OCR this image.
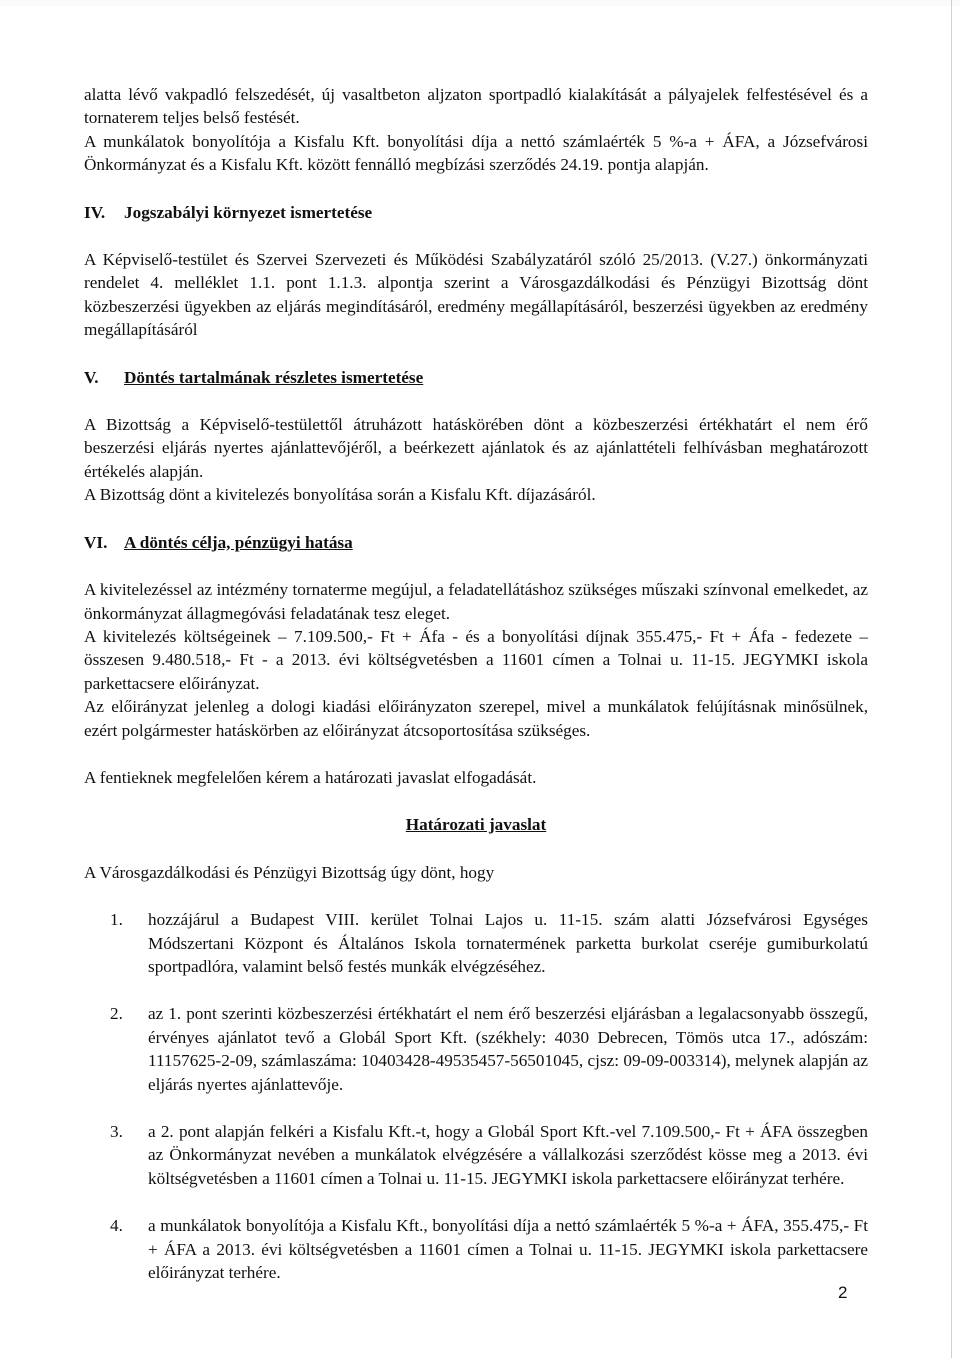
alatta lévő vakpadló felszedését, új vasaltbeton aljzaton sportpadló kialakítását a pályajelek felfestésével és a tornaterem teljes belső festését.

A munkálatok bonyolítója a Kisfalu Kft. bonyolítási díja a nettó számlaérték 5 %-a + ÁFA, a Józsefvárosi Önkormányzat és a Kisfalu Kft. között fennálló megbízási szerződés 24.19. pontja alapján.

IV.	Jogszabályi környezet ismertetése

A Képviselő-testület és Szervei Szervezeti és Működési Szabályzatáról szóló 25/2013. (V.27.) önkormányzati rendelet 4. melléklet 1.1. pont 1.1.3. alpontja szerint a Városgazdálkodási és Pénzügyi Bizottság dönt közbeszerzési ügyekben az eljárás megindításáról, eredmény megállapításáról, beszerzési ügyekben az eredmény megállapításáról

V.	Döntés tartalmának részletes ismertetése

A Bizottság a Képviselő-testülettől átruházott hatáskörében dönt a közbeszerzési értékhatárt el nem érő beszerzési eljárás nyertes ajánlattevőjéről, a beérkezett ajánlatok és az ajánlattételi felhívásban meghatározott értékelés alapján.

A Bizottság dönt a kivitelezés bonyolítása során a Kisfalu Kft. díjazásáról.

VI. A döntés célja, pénzügyi hatása

A kivitelezéssel az intézmény tornaterme megújul, a feladatellátáshoz szükséges műszaki színvonal emelkedet, az önkormányzat állagmegóvási feladatának tesz eleget.

A kivitelezés költségeinek – 7.109.500,- Ft + Áfa - és a bonyolítási díjnak 355.475,- Ft + Áfa - fedezete – összesen 9.480.518,- Ft - a 2013. évi költségvetésben a 11601 címen a Tolnai u. 11-15. JEGYMKI iskola parkettacsere előirányzat.

Az előirányzat jelenleg a dologi kiadási előirányzaton szerepel, mivel a munkálatok felújításnak minősülnek, ezért polgármester hatáskörben az előirányzat átcsoportosítása szükséges.

A fentieknek megfelelően kérem a határozati javaslat elfogadását.

Határozati javaslat

A Városgazdálkodási és Pénzügyi Bizottság úgy dönt, hogy

1.	hozzájárul a Budapest VIII. kerület Tolnai Lajos u. 11-15. szám alatti Józsefvárosi Egységes Módszertani Központ és Általános Iskola tornatermének parketta burkolat cseréje gumiburkolatú sportpadlóra, valamint belső festés munkák elvégzéséhez.
2.	az 1. pont szerinti közbeszerzési értékhatárt el nem érő beszerzési eljárásban a legalacsonyabb összegű, érvényes ajánlatot tevő a Globál Sport Kft. (székhely: 4030 Debrecen, Tömös utca 17., adószám: 11157625-2-09, számlaszáma: 10403428-49535457-56501045, cjsz: 09-09-003314), melynek alapján az eljárás nyertes ajánlattevője.
3.	a 2. pont alapján felkéri a Kisfalu Kft.-t, hogy a Globál Sport Kft.-vel 7.109.500,- Ft + ÁFA összegben az Önkormányzat nevében a munkálatok elvégzésére a vállalkozási szerződést kösse meg a 2013. évi költségvetésben a 11601 címen a Tolnai u. 11-15. JEGYMKI iskola parkettacsere előirányzat terhére.
4.	a munkálatok bonyolítója a Kisfalu Kft., bonyolítási díja a nettó számlaérték 5 %-a + ÁFA, 355.475,- Ft + ÁFA a 2013. évi költségvetésben a 11601 címen a Tolnai u. 11-15. JEGYMKI iskola parkettacsere előirányzat terhére.
2
